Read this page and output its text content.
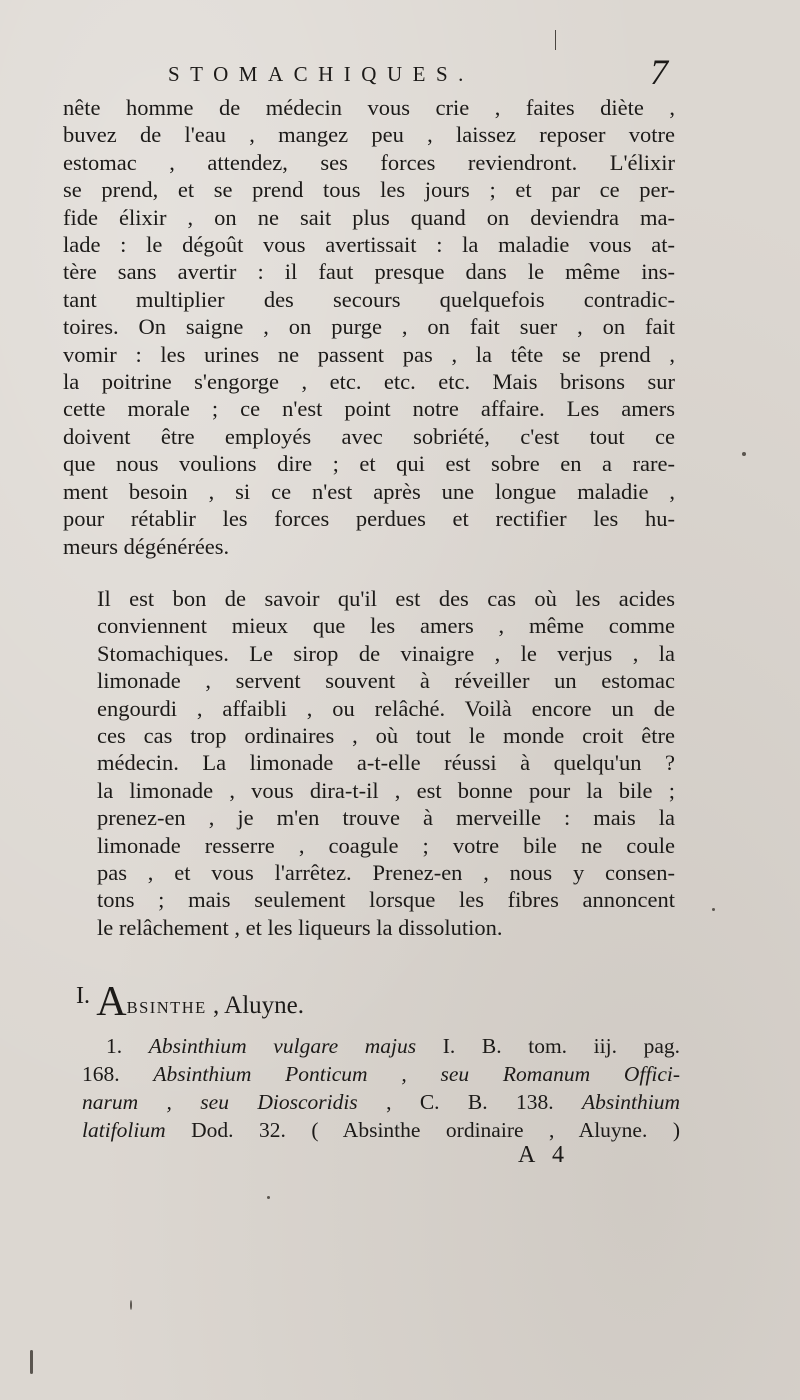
STOMACHIQUES.	7
nête homme de médecin vous crie , faites diète ,
buvez de l'eau , mangez peu , laissez reposer votre
estomac , attendez, ses forces reviendront. L'élixir
se prend, et se prend tous les jours ; et par ce per-
fide élixir , on ne sait plus quand on deviendra ma-
lade : le dégoût vous avertissait : la maladie vous at-
tère sans avertir : il faut presque dans le même ins-
tant multiplier des secours quelquefois contradic-
toires. On saigne , on purge , on fait suer , on fait
vomir : les urines ne passent pas , la tête se prend ,
la poitrine s'engorge , etc. etc. etc. Mais brisons sur
cette morale ; ce n'est point notre affaire. Les amers
doivent être employés avec sobriété, c'est tout ce
que nous voulions dire ; et qui est sobre en a rare-
ment besoin , si ce n'est après une longue maladie ,
pour rétablir les forces perdues et rectifier les hu-
meurs dégénérées.
Il est bon de savoir qu'il est des cas où les acides
conviennent mieux que les amers , même comme
Stomachiques. Le sirop de vinaigre , le verjus , la
limonade , servent souvent à réveiller un estomac
engourdi , affaibli , ou relâché. Voilà encore un de
ces cas trop ordinaires , où tout le monde croit être
médecin. La limonade a-t-elle réussi à quelqu'un ?
la limonade , vous dira-t-il , est bonne pour la bile ;
prenez-en , je m'en trouve à merveille : mais la
limonade resserre , coagule ; votre bile ne coule
pas , et vous l'arrêtez. Prenez-en , nous y consen-
tons ; mais seulement lorsque les fibres annoncent
le relâchement , et les liqueurs la dissolution.
I. ABSINTHE , Aluyne.
1. Absinthium vulgare majus I. B. tom. iij. pag.
168. Absinthium Ponticum , seu Romanum Offici-
narum , seu Dioscoridis , C. B. 138. Absinthium
latifolium Dod. 32. ( Absinthe ordinaire , Aluyne. )
A 4
